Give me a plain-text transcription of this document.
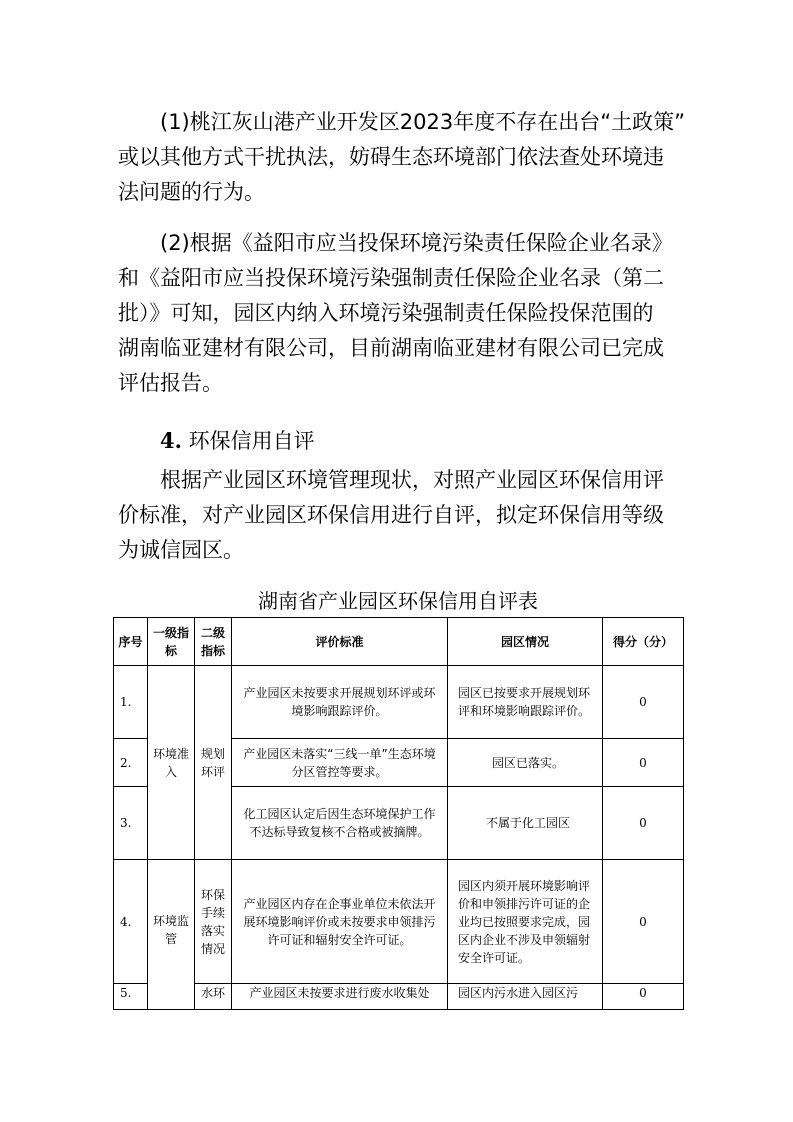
(1)桃江灰山港产业开发区2023年度不存在出台“土政策”
或以其他方式干扰执法，妨碍生态环境部门依法查处环境违
法问题的行为。

(2)根据《益阳市应当投保环境污染责任保险企业名录》
和《益阳市应当投保环境污染强制责任保险企业名录（第二
批）》可知，园区内纳入环境污染强制责任保险投保范围的
湖南临亚建材有限公司，目前湖南临亚建材有限公司已完成
评估报告。

4. 环保信用自评

根据产业园区环境管理现状，对照产业园区环保信用评
价标准，对产业园区环保信用进行自评，拟定环保信用等级
为诚信园区。

湖南省产业园区环保信用自评表

序号	一级指标	二级指标	评价标准	园区情况	得分（分）
1.	环境准入	规划环评	产业园区未按要求开展规划环评或环境影响跟踪评价。	园区已按要求开展规划环评和环境影响跟踪评价。	0
2.			产业园区未落实“三线一单”生态环境分区管控等要求。	园区已落实。	0
3.			化工园区认定后因生态环境保护工作不达标导致复核不合格或被摘牌。	不属于化工园区	0
4.	环境监管	环保手续落实情况	产业园区内存在企事业单位未依法开展环境影响评价或未按要求申领排污许可证和辐射安全许可证。	园区内须开展环境影响评价和申领排污许可证的企业均已按照要求完成，园区内企业不涉及申领辐射安全许可证。	0
5.		水环	产业园区未按要求进行废水收集处	园区内污水进入园区污	0
